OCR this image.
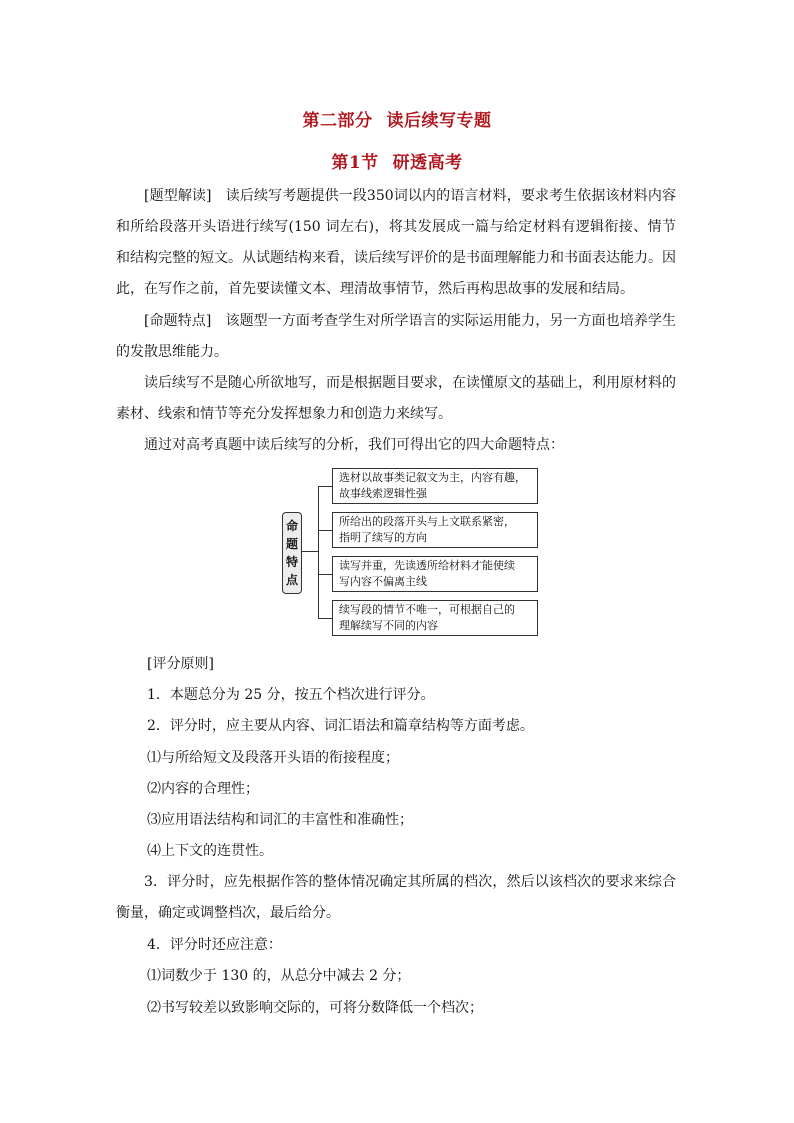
第二部分 读后续写专题
第1节 研透高考
[题型解读]　读后续写考题提供一段350词以内的语言材料，要求考生依据该材料内容和所给段落开头语进行续写(150 词左右)，将其发展成一篇与给定材料有逻辑衔接、情节和结构完整的短文。从试题结构来看，读后续写评价的是书面理解能力和书面表达能力。因此，在写作之前，首先要读懂文本、理清故事情节，然后再构思故事的发展和结局。
[命题特点]　该题型一方面考查学生对所学语言的实际运用能力，另一方面也培养学生的发散思维能力。
读后续写不是随心所欲地写，而是根据题目要求，在读懂原文的基础上，利用原材料的素材、线索和情节等充分发挥想象力和创造力来续写。
通过对高考真题中读后续写的分析，我们可得出它的四大命题特点：
命
题
特
点
选材以故事类记叙文为主，内容有趣，
故事线索逻辑性强
所给出的段落开头与上文联系紧密，
指明了续写的方向
读写并重，先读透所给材料才能使续
写内容不偏离主线
续写段的情节不唯一，可根据自己的
理解续写不同的内容
[评分原则]
1．本题总分为 25 分，按五个档次进行评分。
2．评分时，应主要从内容、词汇语法和篇章结构等方面考虑。
⑴与所给短文及段落开头语的衔接程度；
⑵内容的合理性；
⑶应用语法结构和词汇的丰富性和准确性；
⑷上下文的连贯性。
3．评分时，应先根据作答的整体情况确定其所属的档次，然后以该档次的要求来综合衡量，确定或调整档次，最后给分。
4．评分时还应注意：
⑴词数少于 130 的，从总分中减去 2 分；
⑵书写较差以致影响交际的，可将分数降低一个档次；
